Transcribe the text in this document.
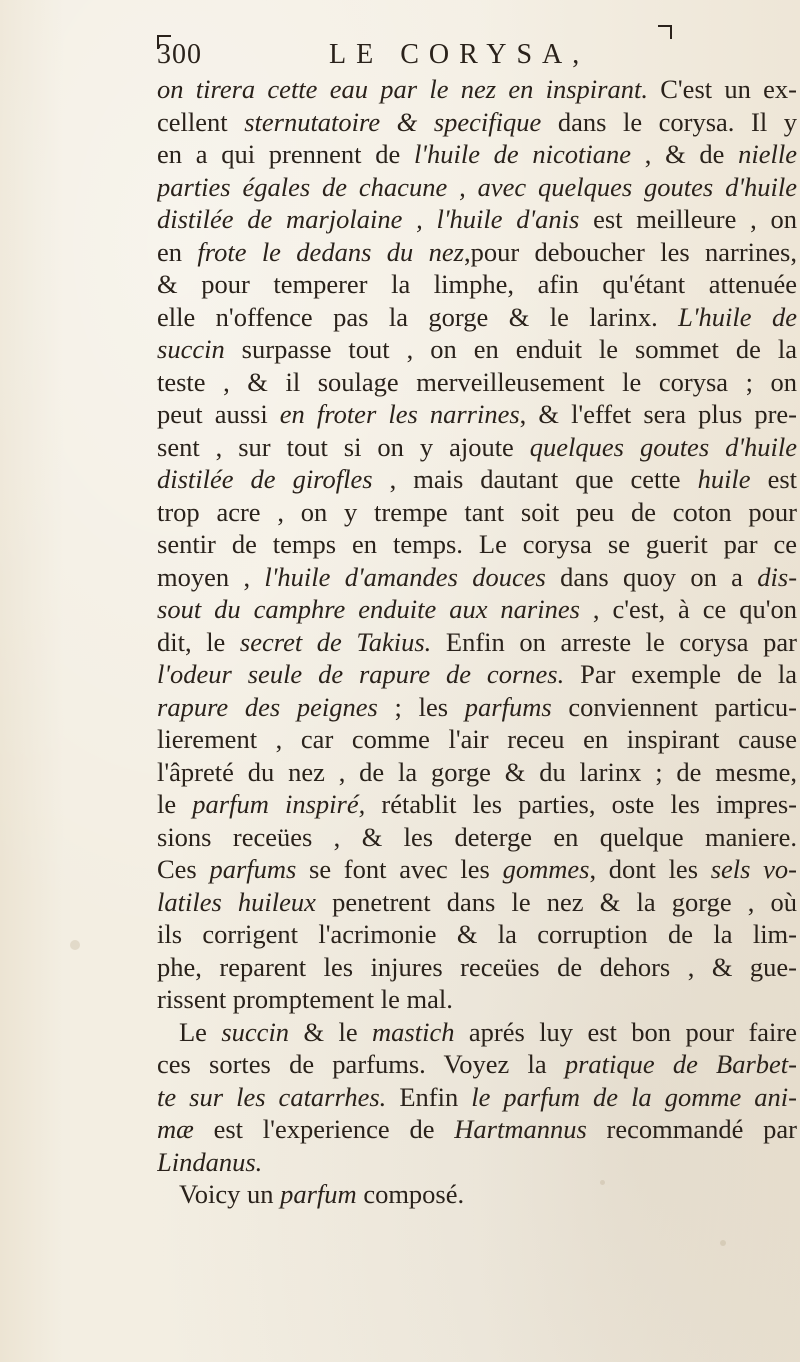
300	LE CORYSA,
on tirera cette eau par le nez en inspirant. C'est un ex-
cellent sternutatoire & specifique dans le corysa. Il y
en a qui prennent de l'huile de nicotiane , & de nielle
parties égales de chacune , avec quelques goutes d'huile
distilée de marjolaine , l'huile d'anis est meilleure , on
en frote le dedans du nez,pour deboucher les narrines,
& pour temperer la limphe, afin qu'étant attenuée
elle n'offence pas la gorge & le larinx. L'huile de
succin surpasse tout , on en enduit le sommet de la
teste , & il soulage merveilleusement le corysa ; on
peut aussi en froter les narrines, & l'effet sera plus pre-
sent , sur tout si on y ajoute quelques goutes d'huile
distilée de girofles , mais dautant que cette huile est
trop acre , on y trempe tant soit peu de coton pour
sentir de temps en temps. Le corysa se guerit par ce
moyen , l'huile d'amandes douces dans quoy on a dis-
sout du camphre enduite aux narines , c'est, à ce qu'on
dit, le secret de Takius. Enfin on arreste le corysa par
l'odeur seule de rapure de cornes. Par exemple de la
rapure des peignes ; les parfums conviennent particu-
lierement , car comme l'air receu en inspirant cause
l'âpreté du nez , de la gorge & du larinx ; de mesme,
le parfum inspiré, rétablit les parties, oste les impres-
sions receües , & les deterge en quelque maniere.
Ces parfums se font avec les gommes, dont les sels vo-
latiles huileux penetrent dans le nez & la gorge , où
ils corrigent l'acrimonie & la corruption de la lim-
phe, reparent les injures receües de dehors , & gue-
rissent promptement le mal.
Le succin & le mastich aprés luy est bon pour faire
ces sortes de parfums. Voyez la pratique de Barbet-
te sur les catarrhes. Enfin le parfum de la gomme ani-
mæ est l'experience de Hartmannus recommandé par
Lindanus.
Voicy un parfum composé.
